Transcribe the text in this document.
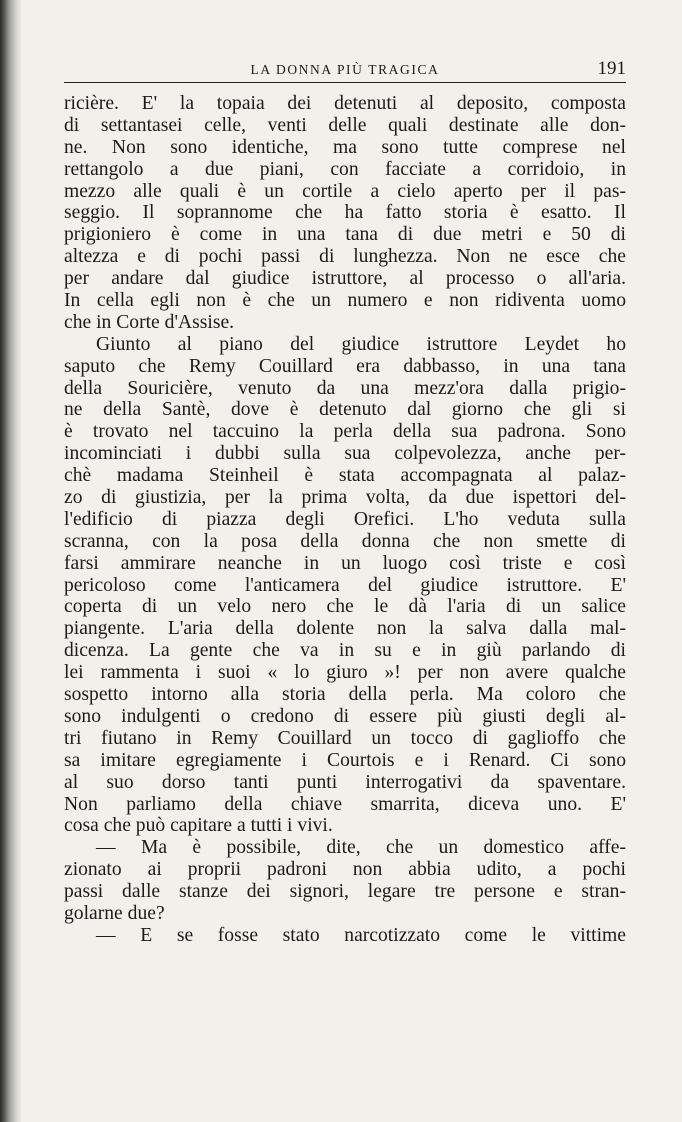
LA DONNA PIÙ TRAGICA	191
ricière. E' la topaia dei detenuti al deposito, composta
di settantasei celle, venti delle quali destinate alle don-
ne. Non sono identiche, ma sono tutte comprese nel
rettangolo a due piani, con facciate a corridoio, in
mezzo alle quali è un cortile a cielo aperto per il pas-
seggio. Il soprannome che ha fatto storia è esatto. Il
prigioniero è come in una tana di due metri e 50 di
altezza e di pochi passi di lunghezza. Non ne esce che
per andare dal giudice istruttore, al processo o all'aria.
In cella egli non è che un numero e non ridiventa uomo
che in Corte d'Assise.
Giunto al piano del giudice istruttore Leydet ho
saputo che Remy Couillard era dabbasso, in una tana
della Souricière, venuto da una mezz'ora dalla prigio-
ne della Santè, dove è detenuto dal giorno che gli si
è trovato nel taccuino la perla della sua padrona. Sono
incominciati i dubbi sulla sua colpevolezza, anche per-
chè madama Steinheil è stata accompagnata al palaz-
zo di giustizia, per la prima volta, da due ispettori del-
l'edificio di piazza degli Orefici. L'ho veduta sulla
scranna, con la posa della donna che non smette di
farsi ammirare neanche in un luogo così triste e così
pericoloso come l'anticamera del giudice istruttore. E'
coperta di un velo nero che le dà l'aria di un salice
piangente. L'aria della dolente non la salva dalla mal-
dicenza. La gente che va in su e in giù parlando di
lei rammenta i suoi « lo giuro »! per non avere qualche
sospetto intorno alla storia della perla. Ma coloro che
sono indulgenti o credono di essere più giusti degli al-
tri fiutano in Remy Couillard un tocco di gaglioffo che
sa imitare egregiamente i Courtois e i Renard. Ci sono
al suo dorso tanti punti interrogativi da spaventare.
Non parliamo della chiave smarrita, diceva uno. E'
cosa che può capitare a tutti i vivi.
— Ma è possibile, dite, che un domestico affe-
zionato ai proprii padroni non abbia udito, a pochi
passi dalle stanze dei signori, legare tre persone e stran-
golarne due?
— E se fosse stato narcotizzato come le vittime
